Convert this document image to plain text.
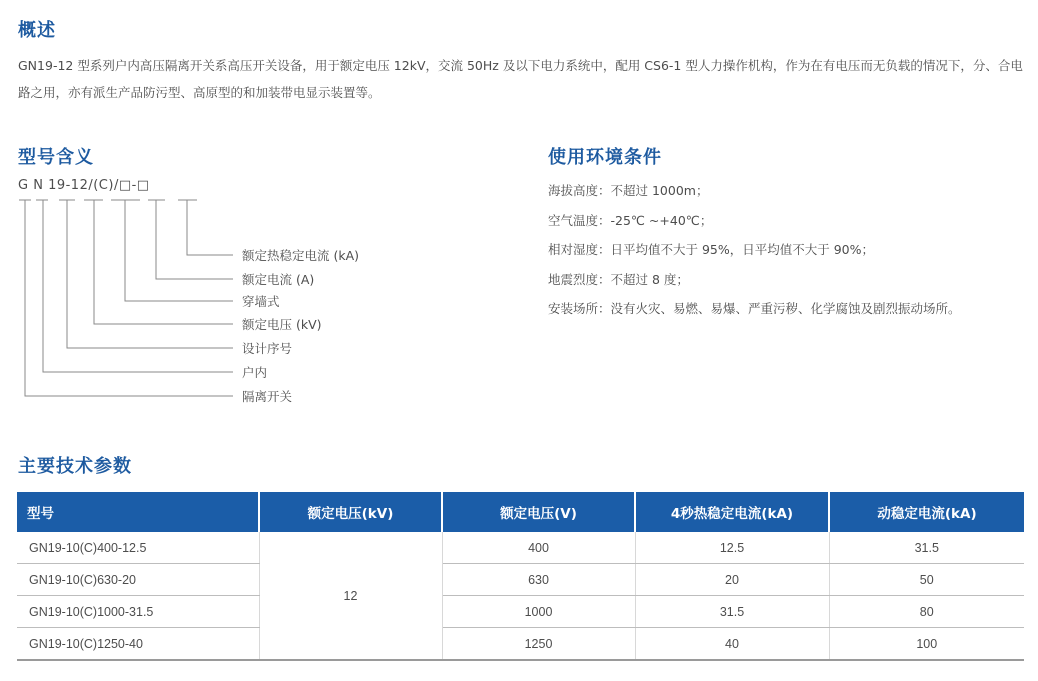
概述

GN19-12 型系列户内高压隔离开关系高压开关设备，用于额定电压 12kV，交流 50Hz 及以下电力系统中，配用 CS6-1 型人力操作机构，作为在有电压而无负载的情况下，分、合电路之用，亦有派生产品防污型、高原型的和加装带电显示装置等。

型号含义
G N 19-12/(C)/□-□
额定热稳定电流 (kA)
额定电流 (A)
穿墙式
额定电压 (kV)
设计序号
户内
隔离开关
使用环境条件
海拔高度：不超过 1000m；
空气温度：-25℃ ~+40℃；
相对湿度：日平均值不大于 95%，日平均值不大于 90%；
地震烈度：不超过 8 度；
安装场所：没有火灾、易燃、易爆、严重污秽、化学腐蚀及剧烈振动场所。
主要技术参数
型号	额定电压(kV)	额定电压(V)	4秒热稳定电流(kA)	动稳定电流(kA)
GN19-10(C)400-12.5	12	400	12.5	31.5
GN19-10(C)630-20		630	20	50
GN19-10(C)1000-31.5		1000	31.5	80
GN19-10(C)1250-40		1250	40	100
